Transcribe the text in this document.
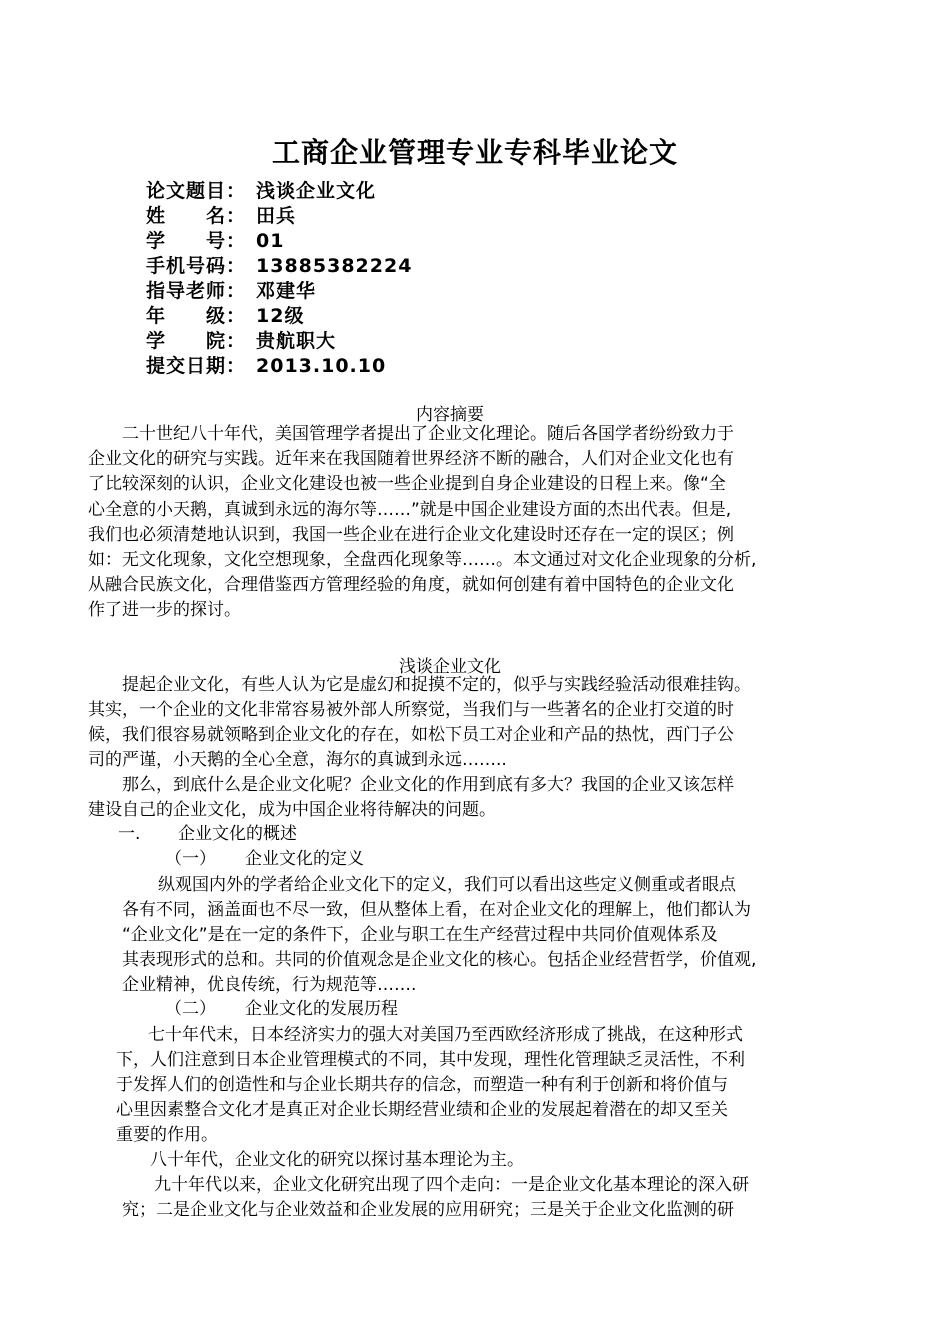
工商企业管理专业专科毕业论文
论文题目： 浅谈企业文化
姓　　名： 田兵
学　　号： 01
手机号码： 13885382224
指导老师： 邓建华
年　　级： 12级
学　　院： 贵航职大
提交日期： 2013.10.10
内容摘要
二十世纪八十年代，美国管理学者提出了企业文化理论。随后各国学者纷纷致力于
企业文化的研究与实践。近年来在我国随着世界经济不断的融合，人们对企业文化也有
了比较深刻的认识，企业文化建设也被一些企业提到自身企业建设的日程上来。像“全
心全意的小天鹅，真诚到永远的海尔等……”就是中国企业建设方面的杰出代表。但是,
我们也必须清楚地认识到，我国一些企业在进行企业文化建设时还存在一定的误区；例
如：无文化现象，文化空想现象，全盘西化现象等……。本文通过对文化企业现象的分析,
从融合民族文化，合理借鉴西方管理经验的角度，就如何创建有着中国特色的企业文化
作了进一步的探讨。
浅谈企业文化
提起企业文化，有些人认为它是虚幻和捉摸不定的，似乎与实践经验活动很难挂钩。
其实，一个企业的文化非常容易被外部人所察觉，当我们与一些著名的企业打交道的时
候，我们很容易就领略到企业文化的存在，如松下员工对企业和产品的热忱，西门子公
司的严谨，小天鹅的全心全意，海尔的真诚到永远……..
那么，到底什么是企业文化呢？企业文化的作用到底有多大？我国的企业又该怎样
建设自己的企业文化，成为中国企业将待解决的问题。
一. 企业文化的概述
（一） 企业文化的定义
纵观国内外的学者给企业文化下的定义，我们可以看出这些定义侧重或者眼点
各有不同，涵盖面也不尽一致，但从整体上看，在对企业文化的理解上，他们都认为
“企业文化”是在一定的条件下，企业与职工在生产经营过程中共同价值观体系及
其表现形式的总和。共同的价值观念是企业文化的核心。包括企业经营哲学，价值观,
企业精神，优良传统，行为规范等…….
（二） 企业文化的发展历程
七十年代末，日本经济实力的强大对美国乃至西欧经济形成了挑战，在这种形式
下，人们注意到日本企业管理模式的不同，其中发现，理性化管理缺乏灵活性，不利
于发挥人们的创造性和与企业长期共存的信念，而塑造一种有利于创新和将价值与
心里因素整合文化才是真正对企业长期经营业绩和企业的发展起着潜在的却又至关
重要的作用。
八十年代，企业文化的研究以探讨基本理论为主。
九十年代以来，企业文化研究出现了四个走向：一是企业文化基本理论的深入研
究；二是企业文化与企业效益和企业发展的应用研究；三是关于企业文化监测的研
